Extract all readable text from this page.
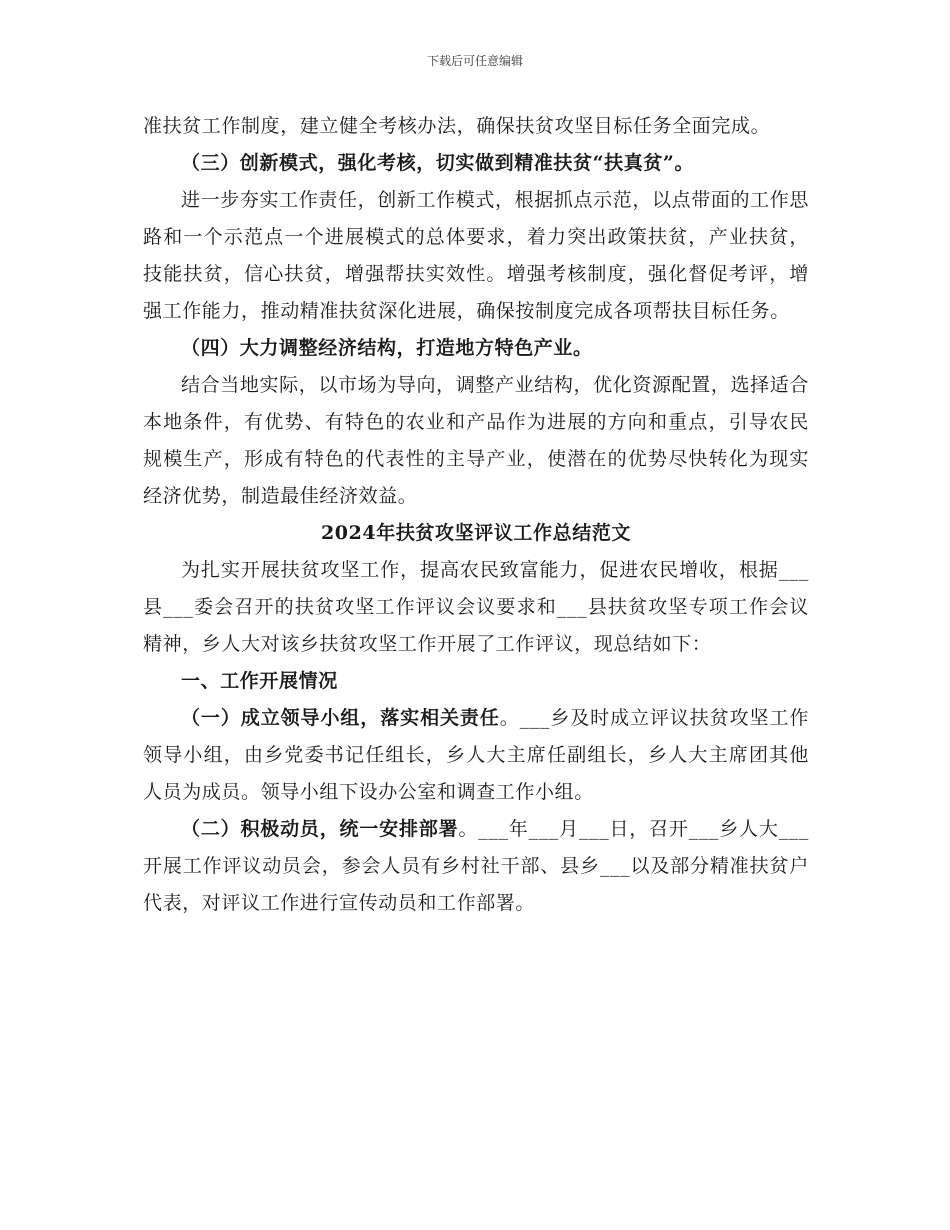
下载后可任意编辑

准扶贫工作制度，建立健全考核办法，确保扶贫攻坚目标任务全面完成。

（三）创新模式，强化考核，切实做到精准扶贫“扶真贫”。

进一步夯实工作责任，创新工作模式，根据抓点示范，以点带面的工作思路和一个示范点一个进展模式的总体要求，着力突出政策扶贫，产业扶贫，技能扶贫，信心扶贫，增强帮扶实效性。增强考核制度，强化督促考评，增强工作能力，推动精准扶贫深化进展，确保按制度完成各项帮扶目标任务。

（四）大力调整经济结构，打造地方特色产业。

结合当地实际，以市场为导向，调整产业结构，优化资源配置，选择适合本地条件，有优势、有特色的农业和产品作为进展的方向和重点，引导农民规模生产，形成有特色的代表性的主导产业，使潜在的优势尽快转化为现实经济优势，制造最佳经济效益。

2024年扶贫攻坚评议工作总结范文

为扎实开展扶贫攻坚工作，提高农民致富能力，促进农民增收，根据___县___委会召开的扶贫攻坚工作评议会议要求和___县扶贫攻坚专项工作会议精神，乡人大对该乡扶贫攻坚工作开展了工作评议，现总结如下：

一、工作开展情况

（一）成立领导小组，落实相关责任。___乡及时成立评议扶贫攻坚工作领导小组，由乡党委书记任组长，乡人大主席任副组长，乡人大主席团其他人员为成员。领导小组下设办公室和调查工作小组。

（二）积极动员，统一安排部署。___年___月___日，召开___乡人大___开展工作评议动员会，参会人员有乡村社干部、县乡___以及部分精准扶贫户代表，对评议工作进行宣传动员和工作部署。
